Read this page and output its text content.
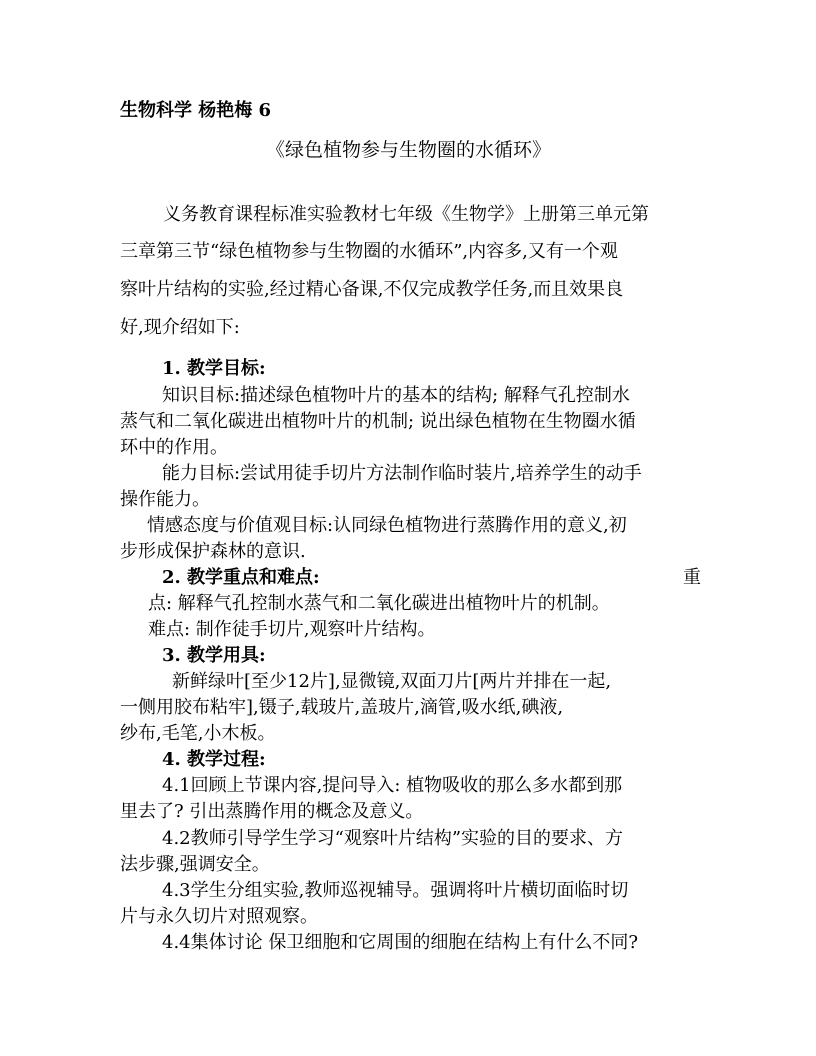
生物科学 杨艳梅 6
《绿色植物参与生物圈的水循环》
义务教育课程标准实验教材七年级《生物学》上册第三单元第
三章第三节“绿色植物参与生物圈的水循环”,内容多,又有一个观
察叶片结构的实验,经过精心备课,不仅完成教学任务,而且效果良
好,现介绍如下:
1. 教学目标:
知识目标:描述绿色植物叶片的基本的结构; 解释气孔控制水
蒸气和二氧化碳进出植物叶片的机制; 说出绿色植物在生物圈水循
环中的作用。
能力目标:尝试用徒手切片方法制作临时装片,培养学生的动手
操作能力。
情感态度与价值观目标:认同绿色植物进行蒸腾作用的意义,初
步形成保护森林的意识.
2. 教学重点和难点:	重
点: 解释气孔控制水蒸气和二氧化碳进出植物叶片的机制。
难点: 制作徒手切片,观察叶片结构。
3. 教学用具:
新鲜绿叶[至少12片],显微镜,双面刀片[两片并排在一起,
一侧用胶布粘牢],镊子,载玻片,盖玻片,滴管,吸水纸,碘液,
纱布,毛笔,小木板。
4. 教学过程:
4.1回顾上节课内容,提问导入: 植物吸收的那么多水都到那
里去了? 引出蒸腾作用的概念及意义。
4.2教师引导学生学习“观察叶片结构”实验的目的要求、方
法步骤,强调安全。
4.3学生分组实验,教师巡视辅导。强调将叶片横切面临时切
片与永久切片对照观察。
4.4集体讨论 保卫细胞和它周围的细胞在结构上有什么不同?
